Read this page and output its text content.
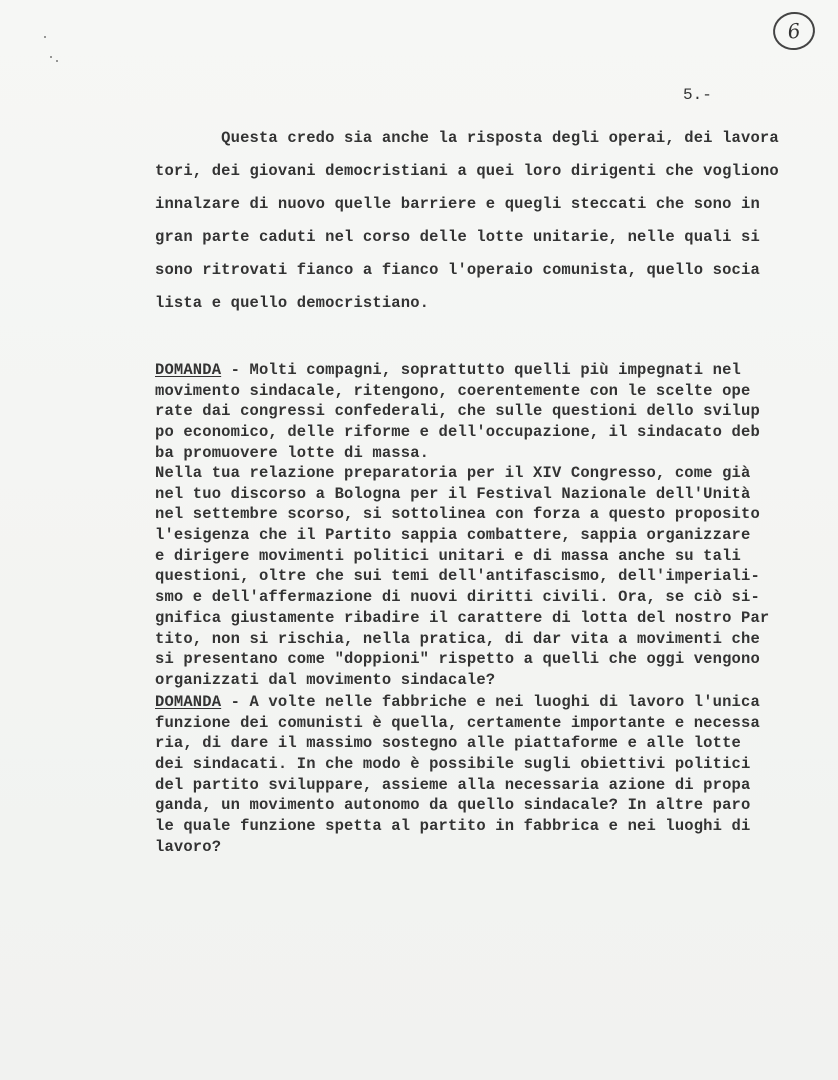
6
5.-
Questa credo sia anche la risposta degli operai, dei lavora
tori, dei giovani democristiani a quei loro dirigenti che vogliono
innalzare di nuovo quelle barriere e quegli steccati che sono in
gran parte caduti nel corso delle lotte unitarie, nelle quali si
sono ritrovati fianco a fianco l'operaio comunista, quello socia
lista e quello democristiano.
DOMANDA - Molti compagni, soprattutto quelli più impegnati nel
movimento sindacale, ritengono, coerentemente con le scelte ope
rate dai congressi confederali, che sulle questioni dello svilup
po economico, delle riforme e dell'occupazione, il sindacato deb
ba promuovere lotte di massa.
Nella tua relazione preparatoria per il XIV Congresso, come già
nel tuo discorso a Bologna per il Festival Nazionale dell'Unità
nel settembre scorso, si sottolinea con forza a questo proposito
l'esigenza che il Partito sappia combattere, sappia organizzare
e dirigere movimenti politici unitari e di massa anche su tali
questioni, oltre che sui temi dell'antifascismo, dell'imperiali-
smo e dell'affermazione di nuovi diritti civili. Ora, se ciò si-
gnifica giustamente ribadire il carattere di lotta del nostro Par
tito, non si rischia, nella pratica, di dar vita a movimenti che
si presentano come "doppioni" rispetto a quelli che oggi vengono
organizzati dal movimento sindacale?
DOMANDA - A volte nelle fabbriche e nei luoghi di lavoro l'unica
funzione dei comunisti è quella, certamente importante e necessa
ria, di dare il massimo sostegno alle piattaforme e alle lotte
dei sindacati. In che modo è possibile sugli obiettivi politici
del partito sviluppare, assieme alla necessaria azione di propa
ganda, un movimento autonomo da quello sindacale? In altre paro
le quale funzione spetta al partito in fabbrica e nei luoghi di
lavoro?
